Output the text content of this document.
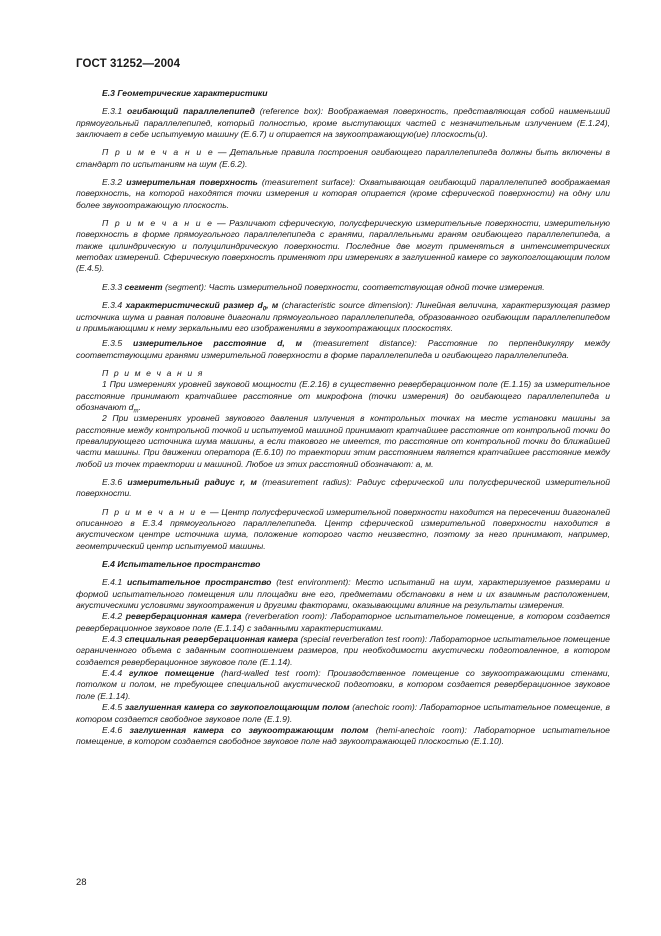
ГОСТ 31252—2004

Е.3 Геометрические характеристики

Е.3.1 огибающий параллелепипед (reference box): Воображаемая поверхность, представляющая собой наименьший прямоугольный параллелепипед, который полностью, кроме выступающих частей с незначительным излучением (Е.1.24), заключает в себе испытуемую машину (Е.6.7) и опирается на звукоотражающую(ие) плоскость(и).

П р и м е ч а н и е — Детальные правила построения огибающего параллелепипеда должны быть включены в стандарт по испытаниям на шум (Е.6.2).

Е.3.2 измерительная поверхность (measurement surface): Охватывающая огибающий параллелепипед воображаемая поверхность, на которой находятся точки измерения и которая опирается (кроме сферической поверхности) на одну или более звукоотражающую плоскость.

П р и м е ч а н и е — Различают сферическую, полусферическую измерительные поверхности, измерительную поверхность в форме прямоугольного параллелепипеда с гранями, параллельными граням огибающего параллелепипеда, а также цилиндрическую и полуцилиндрическую поверхности. Последние две могут применяться в интенсиметрических методах измерений. Сферическую поверхность применяют при измерениях в заглушенной камере со звукопоглощающим полом (Е.4.5).

Е.3.3 сегмент (segment): Часть измерительной поверхности, соответствующая одной точке измерения.

Е.3.4 характеристический размер $d_0$, м (characteristic source dimension): Линейная величина, характеризующая размер источника шума и равная половине диагонали прямоугольного параллелепипеда, образованного огибающим параллелепипедом и примыкающими к нему зеркальными его изображениями в звукоотражающих плоскостях.

Е.3.5 измерительное расстояние d, м (measurement distance): Расстояние по перпендикуляру между соответствующими гранями измерительной поверхности в форме параллелепипеда и огибающего параллелепипеда.

П р и м е ч а н и я

1 При измерениях уровней звуковой мощности (Е.2.16) в существенно реверберационном поле (Е.1.15) за измерительное расстояние принимают кратчайшее расстояние от микрофона (точки измерения) до огибающего параллелепипеда и обозначают $d_m$.

2 При измерениях уровней звукового давления излучения в контрольных точках на месте установки машины за расстояние между контрольной точкой и испытуемой машиной принимают кратчайшее расстояние от контрольной точки до превалирующего источника шума машины, а если такового не имеется, то расстояние от контрольной точки до ближайшей части машины. При движении оператора (Е.6.10) по траектории этим расстоянием является кратчайшее расстояние между любой из точек траектории и машиной. Любое из этих расстояний обозначают: a, м.

Е.3.6 измерительный радиус r, м (measurement radius): Радиус сферической или полусферической измерительной поверхности.

П р и м е ч а н и е — Центр полусферической измерительной поверхности находится на пересечении диагоналей описанного в Е.3.4 прямоугольного параллелепипеда. Центр сферической измерительной поверхности находится в акустическом центре источника шума, положение которого часто неизвестно, поэтому за него принимают, например, геометрический центр испытуемой машины.

Е.4 Испытательное пространство

Е.4.1 испытательное пространство (test environment): Место испытаний на шум, характеризуемое размерами и формой испытательного помещения или площадки вне его, предметами обстановки в нем и их взаимным расположением, акустическими условиями звукоотражения и другими факторами, оказывающими влияние на результаты измерения.

Е.4.2 реверберационная камера (reverberation room): Лабораторное испытательное помещение, в котором создается реверберационное звуковое поле (Е.1.14) с заданными характеристиками.

Е.4.3 специальная реверберационная камера (special reverberation test room): Лабораторное испытательное помещение ограниченного объема с заданным соотношением размеров, при необходимости акустически подготовленное, в котором создается реверберационное звуковое поле (Е.1.14).

Е.4.4 гулкое помещение (hard-walled test room): Производственное помещение со звукоотражающими стенами, потолком и полом, не требующее специальной акустической подготовки, в котором создается реверберационное звуковое поле (Е.1.14).

Е.4.5 заглушенная камера со звукопоглощающим полом (anechoic room): Лабораторное испытательное помещение, в котором создается свободное звуковое поле (Е.1.9).

Е.4.6 заглушенная камера со звукоотражающим полом (hemi-anechoic room): Лабораторное испытательное помещение, в котором создается свободное звуковое поле над звукоотражающей плоскостью (Е.1.10).

28
